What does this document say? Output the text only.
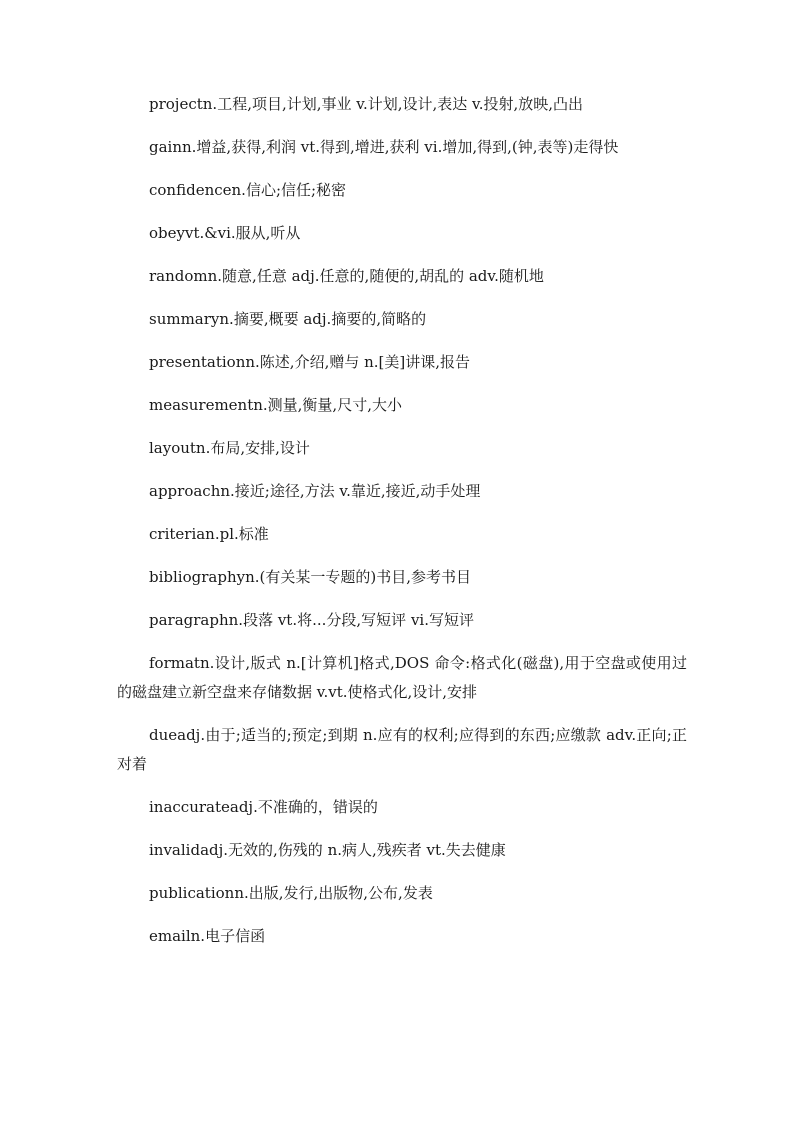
projectn.工程,项目,计划,事业 v.计划,设计,表达 v.投射,放映,凸出

gainn.增益,获得,利润 vt.得到,增进,获利 vi.增加,得到,(钟,表等)走得快

confidencen.信心;信任;秘密

obeyvt.&vi.服从,听从

randomn.随意,任意 adj.任意的,随便的,胡乱的 adv.随机地

summaryn.摘要,概要 adj.摘要的,简略的

presentationn.陈述,介绍,赠与 n.[美]讲课,报告

measurementn.测量,衡量,尺寸,大小

layoutn.布局,安排,设计

approachn.接近;途径,方法 v.靠近,接近,动手处理

criterian.pl.标准

bibliographyn.(有关某一专题的)书目,参考书目

paragraphn.段落 vt.将...分段,写短评 vi.写短评

formatn.设计,版式 n.[计算机]格式,DOS 命令:格式化(磁盘),用于空盘或使用过的磁盘建立新空盘来存储数据 v.vt.使格式化,设计,安排

dueadj.由于;适当的;预定;到期 n.应有的权利;应得到的东西;应缴款 adv.正向;正对着

inaccurateadj.不准确的，错误的

invalidadj.无效的,伤残的 n.病人,残疾者 vt.失去健康

publicationn.出版,发行,出版物,公布,发表

emailn.电子信函
